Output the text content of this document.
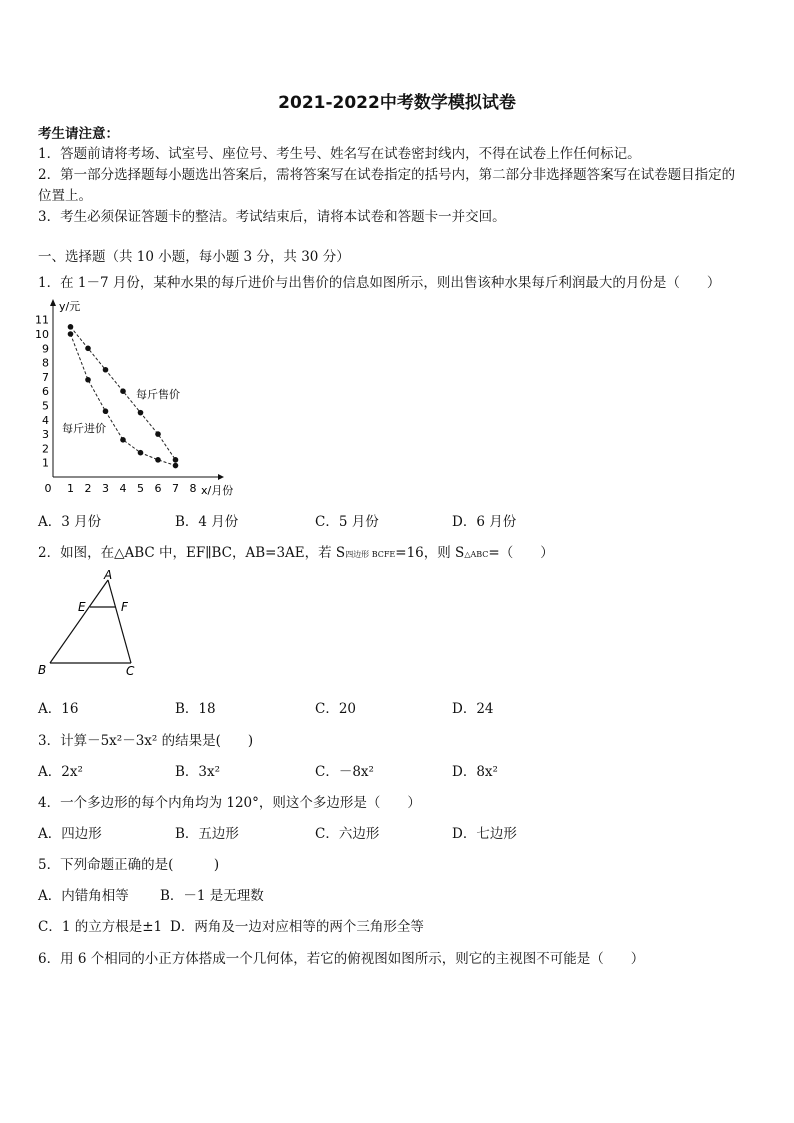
2021-2022中考数学模拟试卷
考生请注意：
1．答题前请将考场、试室号、座位号、考生号、姓名写在试卷密封线内，不得在试卷上作任何标记。
2．第一部分选择题每小题选出答案后，需将答案写在试卷指定的括号内，第二部分非选择题答案写在试卷题目指定的
位置上。
3．考生必须保证答题卡的整洁。考试结束后，请将本试卷和答题卡一并交回。
一、选择题（共 10 小题，每小题 3 分，共 30 分）
1．在 1－7 月份，某种水果的每斤进价与出售价的信息如图所示，则出售该种水果每斤利润最大的月份是（　　）
y/元
x/月份
0 1 2 3 4 5 6 7 8
1
2
3
4
5
6
7
8
9
10
11
每斤售价
每斤进价
A．3 月份	B．4 月份	C．5 月份	D．6 月份
2．如图，在△ABC 中，EF∥BC，AB=3AE，若 S四边形 BCFE=16，则 S△ABC=（　　）
A
E	F
B	C
A．16	B．18	C．20	D．24
3．计算－5x²－3x² 的结果是(　　)
A．2x²	B．3x²	C．－8x²	D．8x²
4．一个多边形的每个内角均为 120°，则这个多边形是（　　）
A．四边形	B．五边形	C．六边形	D．七边形
5．下列命题正确的是(　　　)
A．内错角相等 B．－1 是无理数
C．1 的立方根是±1 D．两角及一边对应相等的两个三角形全等
6．用 6 个相同的小正方体搭成一个几何体，若它的俯视图如图所示，则它的主视图不可能是（　　）
